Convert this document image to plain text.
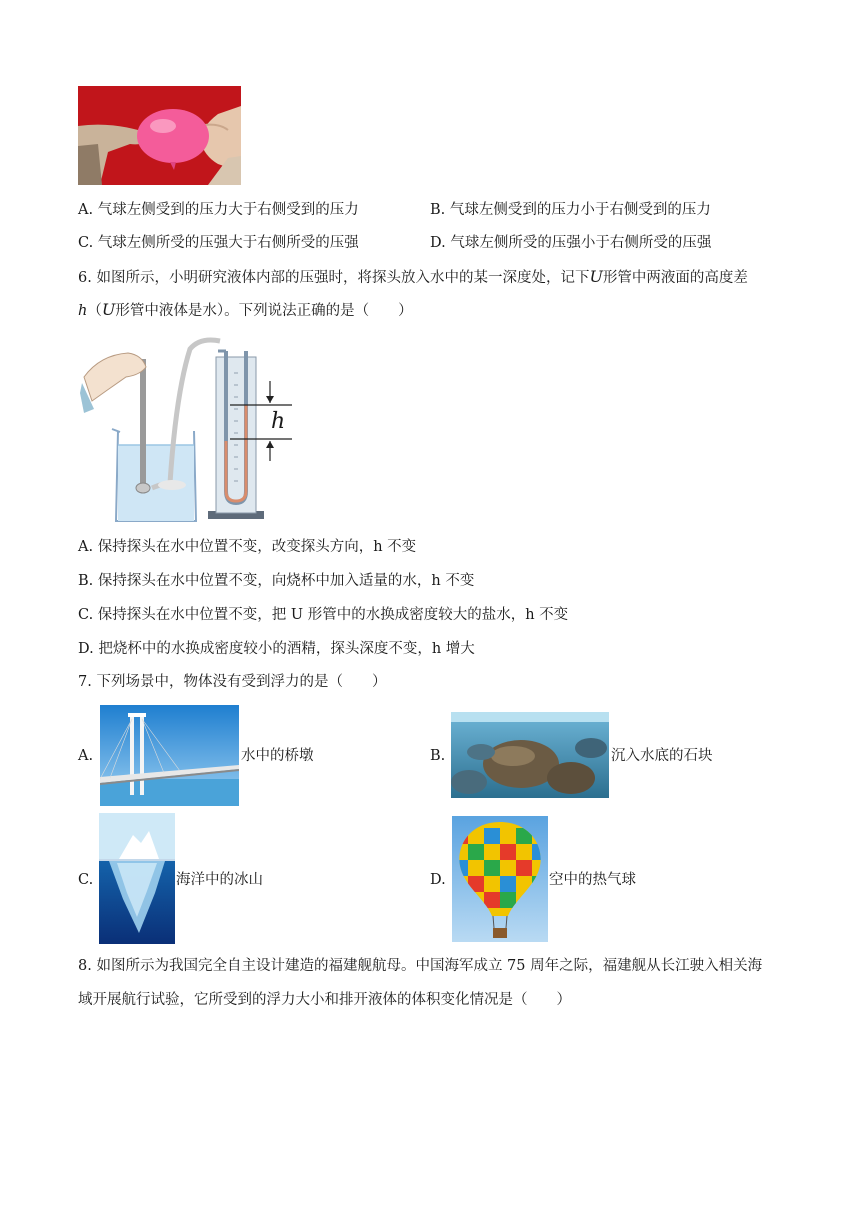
A. 气球左侧受到的压力大于右侧受到的压力	B. 气球左侧受到的压力小于右侧受到的压力
C. 气球左侧所受的压强大于右侧所受的压强	D. 气球左侧所受的压强小于右侧所受的压强
6. 如图所示，小明研究液体内部的压强时，将探头放入水中的某一深度处，记下U形管中两液面的高度差
h（U形管中液体是水）。下列说法正确的是（　　）
h
A. 保持探头在水中位置不变，改变探头方向，h 不变
B. 保持探头在水中位置不变，向烧杯中加入适量的水，h 不变
C. 保持探头在水中位置不变，把 U 形管中的水换成密度较大的盐水，h 不变
D. 把烧杯中的水换成密度较小的酒精，探头深度不变，h 增大
7. 下列场景中，物体没有受到浮力的是（　　）
A.	水中的桥墩	B.	沉入水底的石块
C.	海洋中的冰山	D.	空中的热气球
8. 如图所示为我国完全自主设计建造的福建舰航母。中国海军成立 75 周年之际，福建舰从长江驶入相关海
域开展航行试验，它所受到的浮力大小和排开液体的体积变化情况是（　　）
